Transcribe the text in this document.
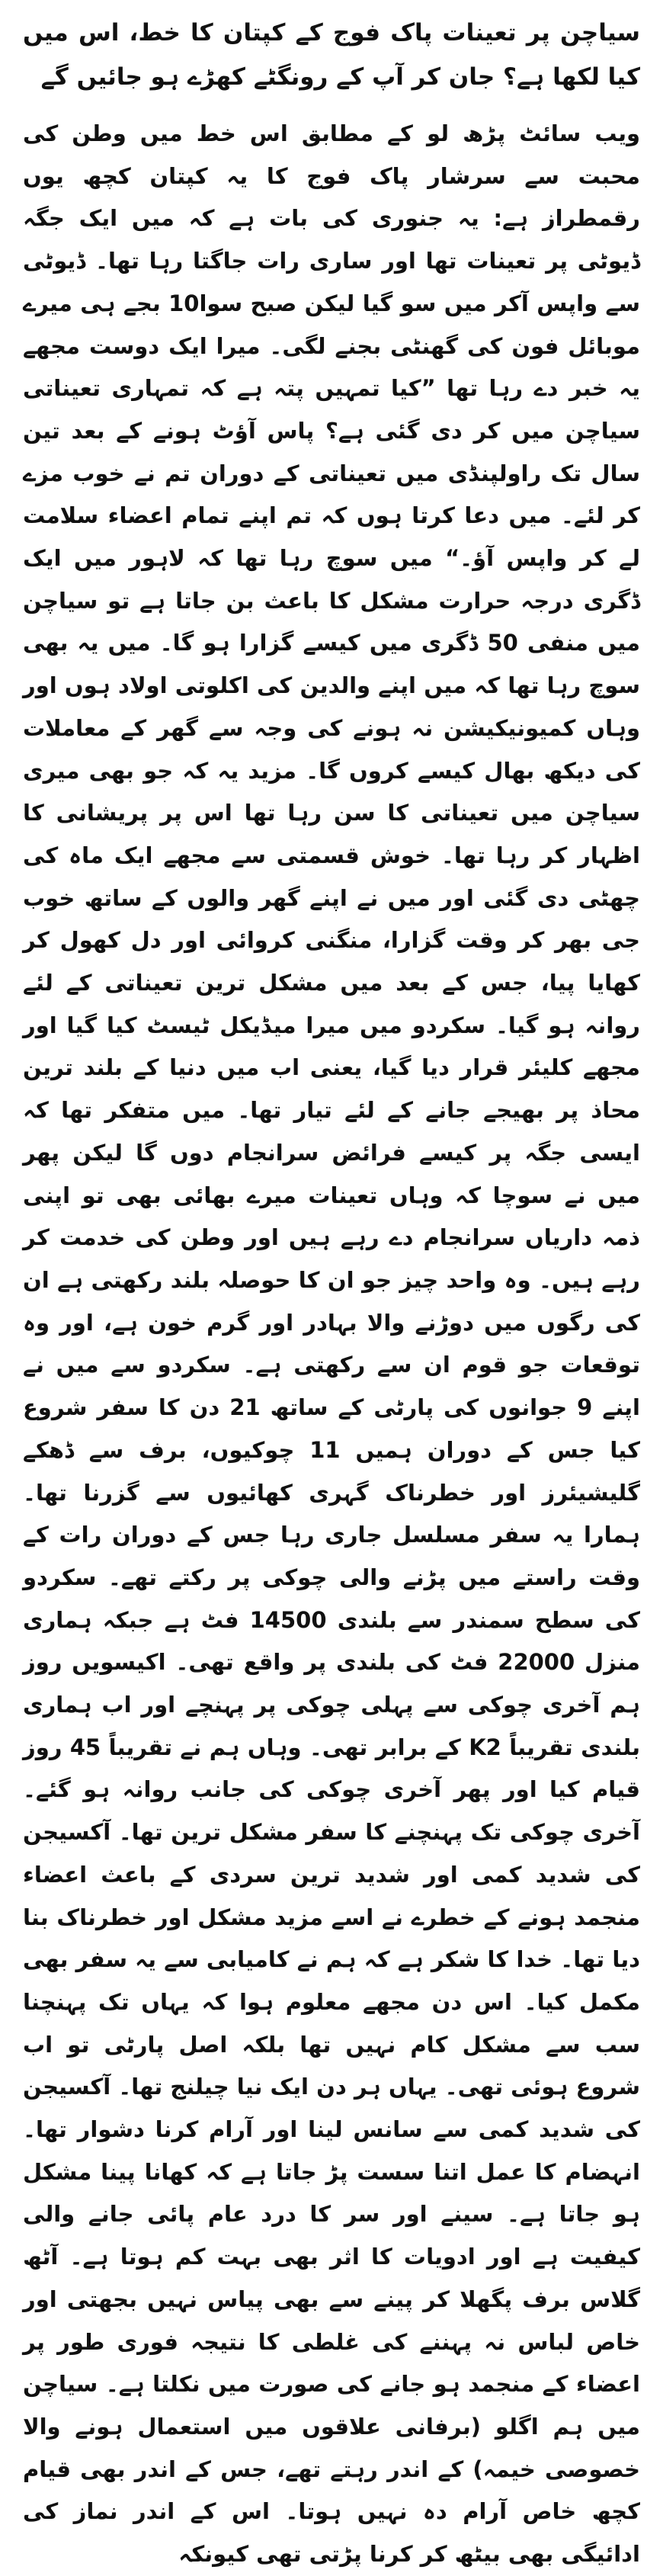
سیاچن پر تعینات پاک فوج کے کپتان کا خط، اس میں کیا لکھا ہے؟ جان کر آپ کے رونگٹے کھڑے ہو جائیں گے

ویب سائٹ پڑھ لو کے مطابق اس خط میں وطن کی محبت سے سرشار پاک فوج کا یہ کپتان کچھ یوں رقمطراز ہے: یہ جنوری کی بات ہے کہ میں ایک جگہ ڈیوٹی پر تعینات تھا اور ساری رات جاگتا رہا تھا۔ ڈیوٹی سے واپس آکر میں سو گیا لیکن صبح سوا10 بجے ہی میرے موبائل فون کی گھنٹی بجنے لگی۔ میرا ایک دوست مجھے یہ خبر دے رہا تھا ”کیا تمہیں پتہ ہے کہ تمہاری تعیناتی سیاچن میں کر دی گئی ہے؟ پاس آؤٹ ہونے کے بعد تین سال تک راولپنڈی میں تعیناتی کے دوران تم نے خوب مزے کر لئے۔ میں دعا کرتا ہوں کہ تم اپنے تمام اعضاء سلامت لے کر واپس آؤ۔“ میں سوچ رہا تھا کہ لاہور میں ایک ڈگری درجہ حرارت مشکل کا باعث بن جاتا ہے تو سیاچن میں منفی 50 ڈگری میں کیسے گزارا ہو گا۔ میں یہ بھی سوچ رہا تھا کہ میں اپنے والدین کی اکلوتی اولاد ہوں اور وہاں کمیونیکیشن نہ ہونے کی وجہ سے گھر کے معاملات کی دیکھ بھال کیسے کروں گا۔ مزید یہ کہ جو بھی میری سیاچن میں تعیناتی کا سن رہا تھا اس پر پریشانی کا اظہار کر رہا تھا۔ خوش قسمتی سے مجھے ایک ماہ کی چھٹی دی گئی اور میں نے اپنے گھر والوں کے ساتھ خوب جی بھر کر وقت گزارا، منگنی کروائی اور دل کھول کر کھایا پیا، جس کے بعد میں مشکل ترین تعیناتی کے لئے روانہ ہو گیا۔ سکردو میں میرا میڈیکل ٹیسٹ کیا گیا اور مجھے کلیئر قرار دیا گیا، یعنی اب میں دنیا کے بلند ترین محاذ پر بھیجے جانے کے لئے تیار تھا۔ میں متفکر تھا کہ ایسی جگہ پر کیسے فرائض سرانجام دوں گا لیکن پھر میں نے سوچا کہ وہاں تعینات میرے بھائی بھی تو اپنی ذمہ داریاں سرانجام دے رہے ہیں اور وطن کی خدمت کر رہے ہیں۔ وہ واحد چیز جو ان کا حوصلہ بلند رکھتی ہے ان کی رگوں میں دوڑنے والا بہادر اور گرم خون ہے، اور وہ توقعات جو قوم ان سے رکھتی ہے۔ سکردو سے میں نے اپنے 9 جوانوں کی پارٹی کے ساتھ 21 دن کا سفر شروع کیا جس کے دوران ہمیں 11 چوکیوں، برف سے ڈھکے گلیشیئرز اور خطرناک گہری کھائیوں سے گزرنا تھا۔ ہمارا یہ سفر مسلسل جاری رہا جس کے دوران رات کے وقت راستے میں پڑنے والی چوکی پر رکتے تھے۔ سکردو کی سطح سمندر سے بلندی 14500 فٹ ہے جبکہ ہماری منزل 22000 فٹ کی بلندی پر واقع تھی۔ اکیسویں روز ہم آخری چوکی سے پہلی چوکی پر پہنچے اور اب ہماری بلندی تقریباً K2 کے برابر تھی۔ وہاں ہم نے تقریباً 45 روز قیام کیا اور پھر آخری چوکی کی جانب روانہ ہو گئے۔ آخری چوکی تک پہنچنے کا سفر مشکل ترین تھا۔ آکسیجن کی شدید کمی اور شدید ترین سردی کے باعث اعضاء منجمد ہونے کے خطرے نے اسے مزید مشکل اور خطرناک بنا دیا تھا۔ خدا کا شکر ہے کہ ہم نے کامیابی سے یہ سفر بھی مکمل کیا۔ اس دن مجھے معلوم ہوا کہ یہاں تک پہنچنا سب سے مشکل کام نہیں تھا بلکہ اصل پارٹی تو اب شروع ہوئی تھی۔ یہاں ہر دن ایک نیا چیلنج تھا۔ آکسیجن کی شدید کمی سے سانس لینا اور آرام کرنا دشوار تھا۔ انہضام کا عمل اتنا سست پڑ جاتا ہے کہ کھانا پینا مشکل ہو جاتا ہے۔ سینے اور سر کا درد عام پائی جانے والی کیفیت ہے اور ادویات کا اثر بھی بہت کم ہوتا ہے۔ آٹھ گلاس برف پگھلا کر پینے سے بھی پیاس نہیں بجھتی اور خاص لباس نہ پہننے کی غلطی کا نتیجہ فوری طور پر اعضاء کے منجمد ہو جانے کی صورت میں نکلتا ہے۔ سیاچن میں ہم اگلو (برفانی علاقوں میں استعمال ہونے والا خصوصی خیمہ) کے اندر رہتے تھے، جس کے اندر بھی قیام کچھ خاص آرام دہ نہیں ہوتا۔ اس کے اندر نماز کی ادائیگی بھی بیٹھ کر کرنا پڑتی تھی کیونکہ
